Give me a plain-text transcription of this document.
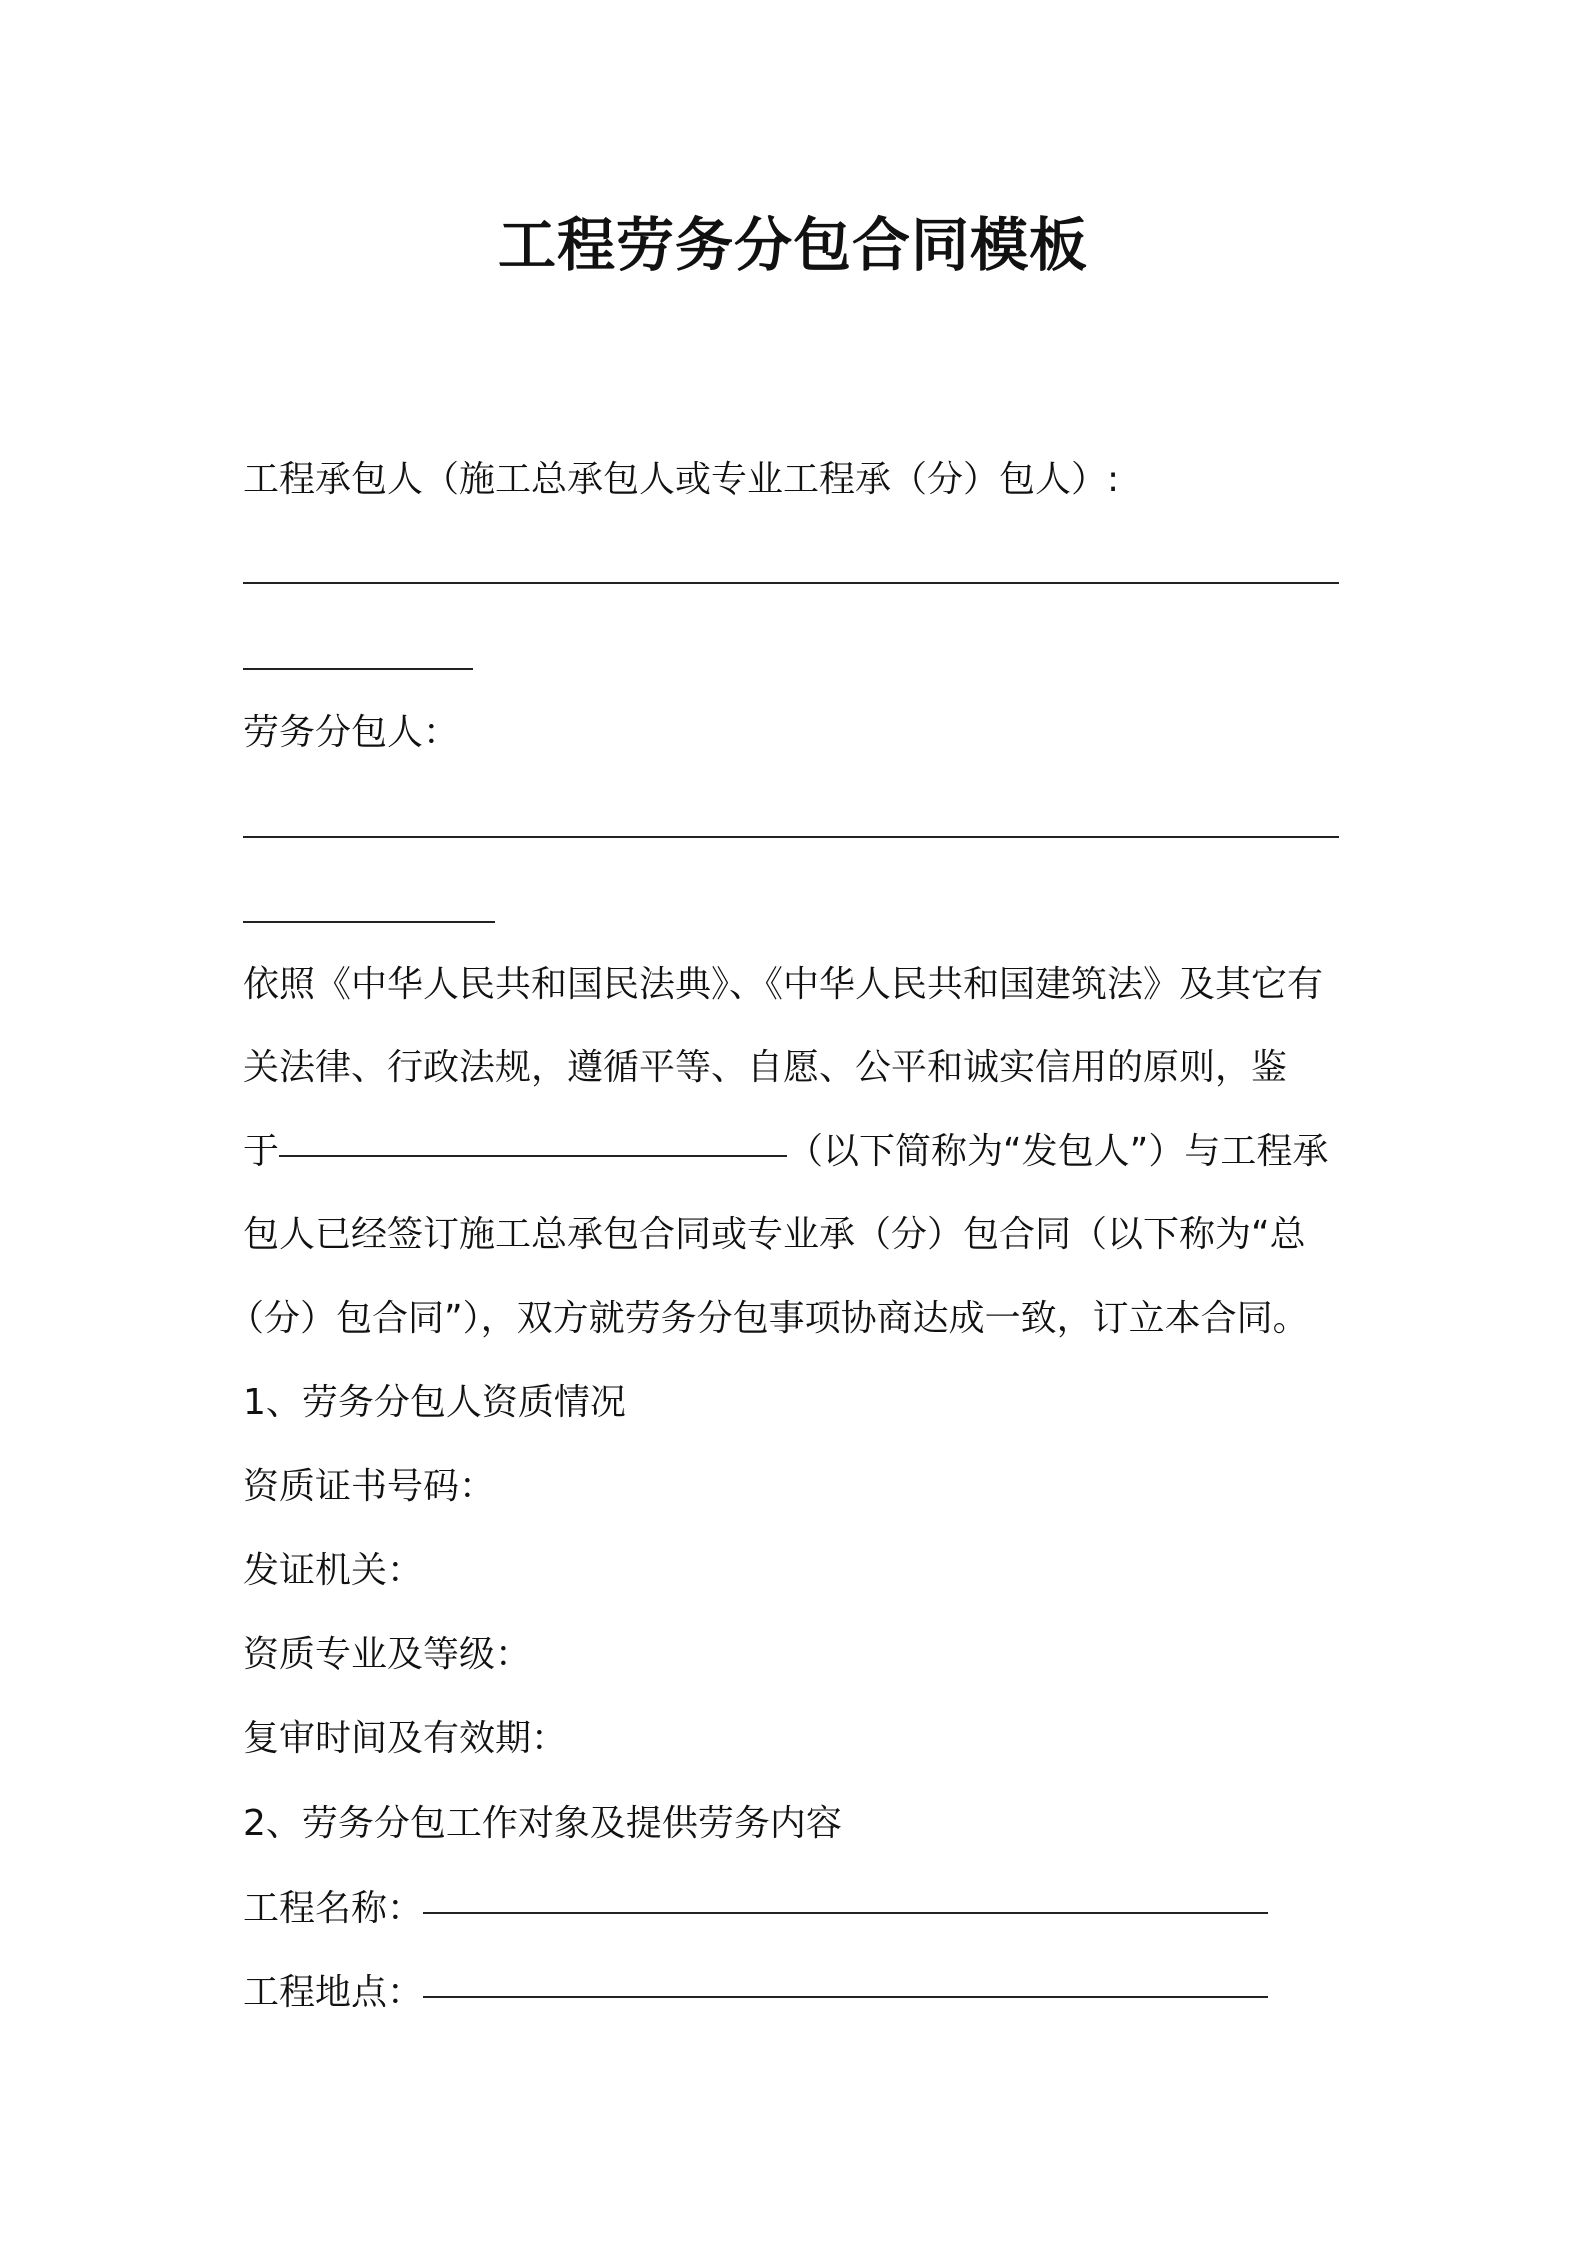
工程劳务分包合同模板
工程承包人（施工总承包人或专业工程承（分）包人）:
劳务分包人：
依照《中华人民共和国民法典》、《中华人民共和国建筑法》及其它有
关法律、行政法规，遵循平等、自愿、公平和诚实信用的原则，鉴
于	（以下简称为“发包人”）与工程承
包人已经签订施工总承包合同或专业承（分）包合同（以下称为“总
（分）包合同”），双方就劳务分包事项协商达成一致，订立本合同。
1、劳务分包人资质情况
资质证书号码：
发证机关：
资质专业及等级：
复审时间及有效期：
2、劳务分包工作对象及提供劳务内容
工程名称：
工程地点：
